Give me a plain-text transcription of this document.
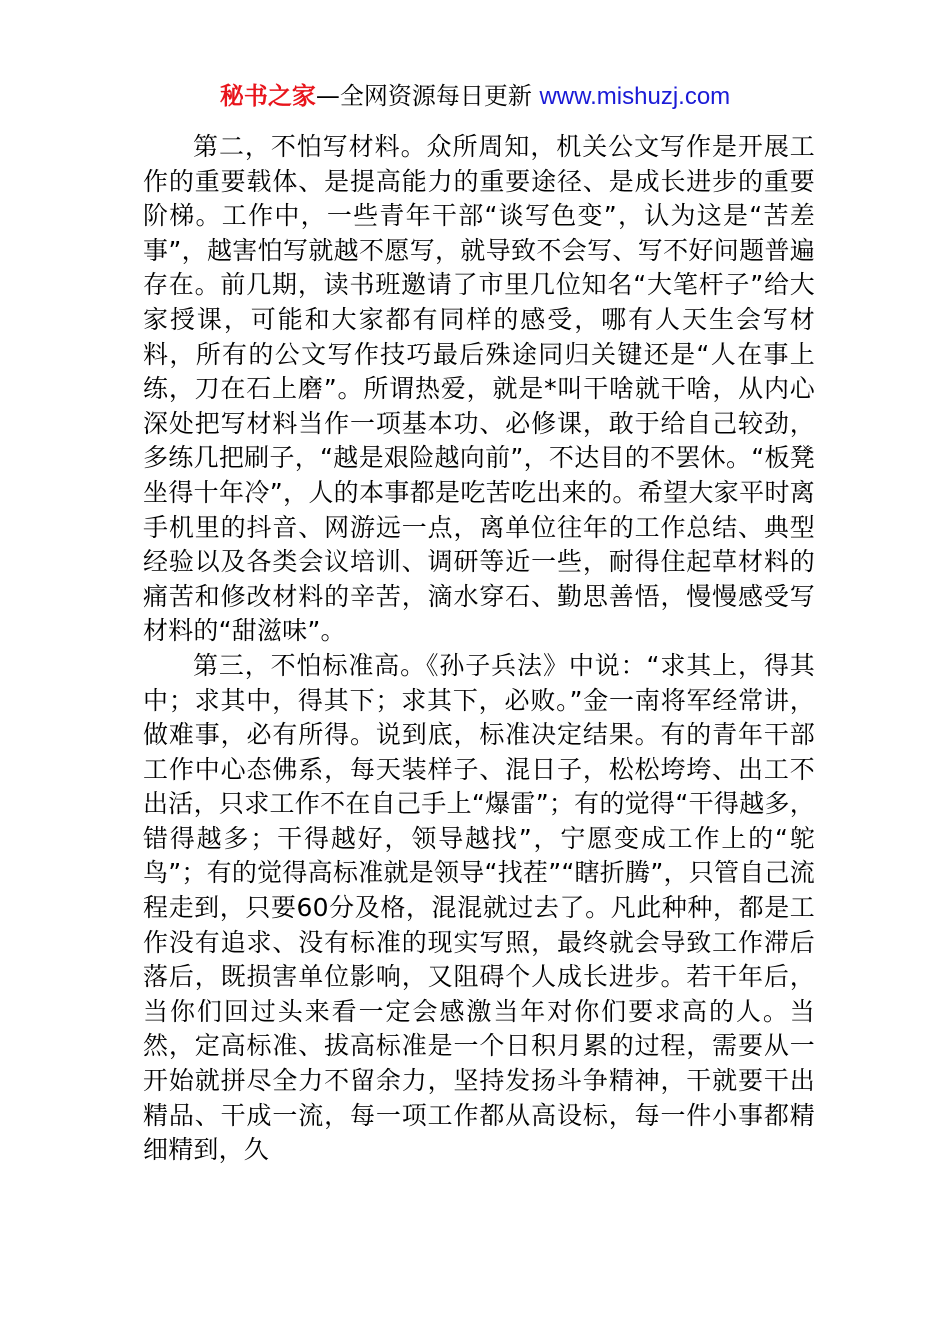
秘书之家—全网资源每日更新 www.mishuzj.com

第二，不怕写材料。众所周知，机关公文写作是开展工作的重要载体、是提高能力的重要途径、是成长进步的重要阶梯。工作中，一些青年干部“谈写色变”，认为这是“苦差事”，越害怕写就越不愿写，就导致不会写、写不好问题普遍存在。前几期，读书班邀请了市里几位知名“大笔杆子”给大家授课，可能和大家都有同样的感受，哪有人天生会写材料，所有的公文写作技巧最后殊途同归关键还是“人在事上练，刀在石上磨”。所谓热爱，就是*叫干啥就干啥，从内心深处把写材料当作一项基本功、必修课，敢于给自己较劲，多练几把刷子，“越是艰险越向前”，不达目的不罢休。“板凳坐得十年冷”，人的本事都是吃苦吃出来的。希望大家平时离手机里的抖音、网游远一点，离单位往年的工作总结、典型经验以及各类会议培训、调研等近一些，耐得住起草材料的痛苦和修改材料的辛苦，滴水穿石、勤思善悟，慢慢感受写材料的“甜滋味”。

第三，不怕标准高。《孙子兵法》中说：“求其上，得其中；求其中，得其下；求其下，必败。”金一南将军经常讲，做难事，必有所得。说到底，标准决定结果。有的青年干部工作中心态佛系，每天装样子、混日子，松松垮垮、出工不出活，只求工作不在自己手上“爆雷”；有的觉得“干得越多，错得越多；干得越好，领导越找”，宁愿变成工作上的“鸵鸟”；有的觉得高标准就是领导“找茬”“瞎折腾”，只管自己流程走到，只要60分及格，混混就过去了。凡此种种，都是工作没有追求、没有标准的现实写照，最终就会导致工作滞后落后，既损害单位影响，又阻碍个人成长进步。若干年后，当你们回过头来看一定会感激当年对你们要求高的人。当然，定高标准、拔高标准是一个日积月累的过程，需要从一开始就拼尽全力不留余力，坚持发扬斗争精神，干就要干出精品、干成一流，每一项工作都从高设标，每一件小事都精细精到，久
